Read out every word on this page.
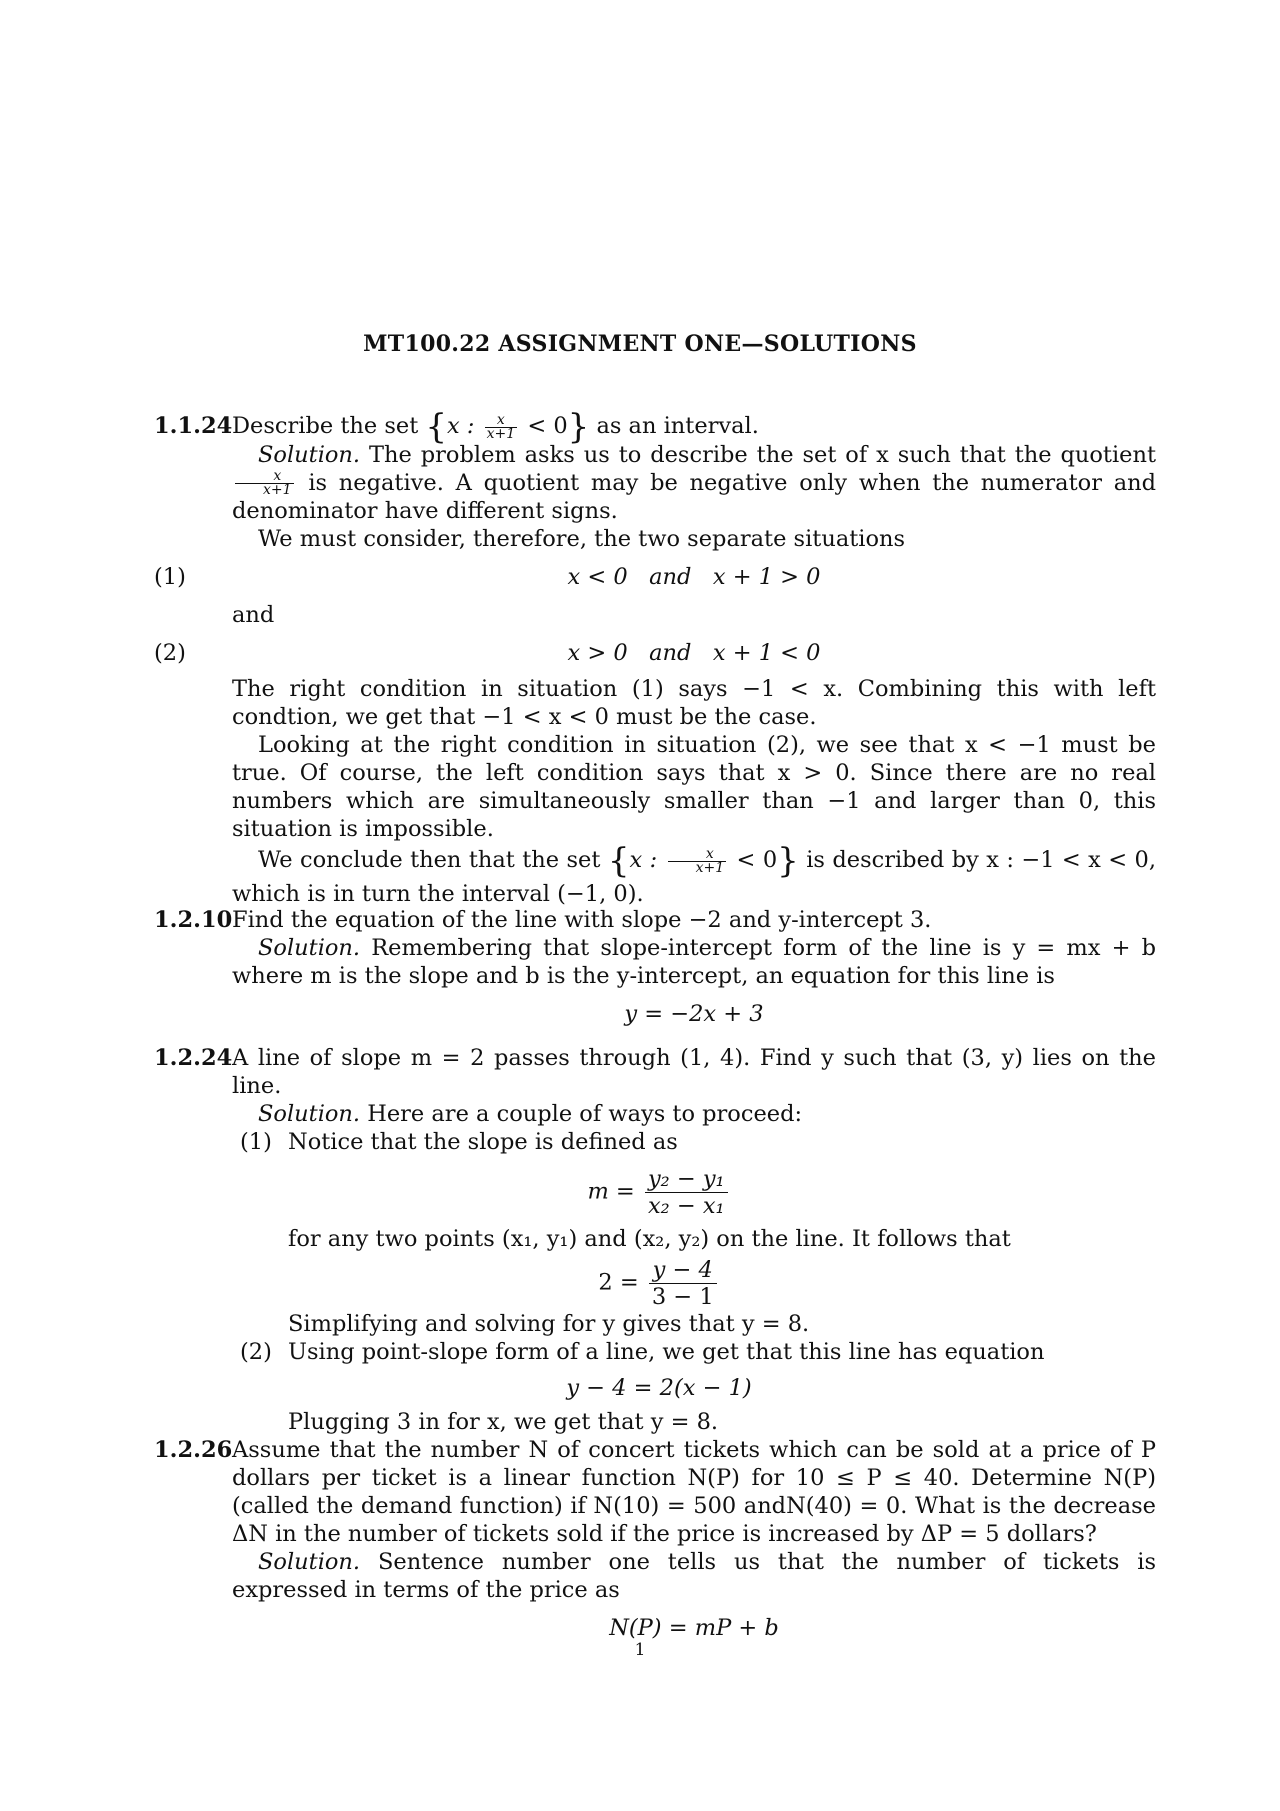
MT100.22 ASSIGNMENT ONE—SOLUTIONS
1.1.24 Describe the set {x : $\frac{x}{x+1} < 0$} as an interval.

Solution. The problem asks us to describe the set of x such that the quotient
$\frac{x}{x+1}$ is negative. A quotient may be negative only when the numerator and denominator have different signs.

We must consider, therefore, the two separate situations

(1)	x < 0   and   x + 1 > 0

and

(2)	x > 0   and   x + 1 < 0

The right condition in situation (1) says −1 < x. Combining this with left condtion, we get that −1 < x < 0 must be the case.

Looking at the right condition in situation (2), we see that x < −1 must be true. Of course, the left condition says that x > 0. Since there are no real numbers which are simultaneously smaller than −1 and larger than 0, this situation is impossible.

We conclude then that the set {x : $\frac{x}{x+1} < 0$} is described by x : −1 < x < 0, which is in turn the interval (−1, 0).

1.2.10 Find the equation of the line with slope −2 and y-intercept 3.

Solution. Remembering that slope-intercept form of the line is y = mx + b where m is the slope and b is the y-intercept, an equation for this line is

y = −2x + 3
1.2.24 A line of slope m = 2 passes through (1, 4). Find y such that (3, y) lies on the line.

Solution. Here are a couple of ways to proceed:

(1) Notice that the slope is defined as

$m = \frac{\text{y₂ − y₁}}{\text{x₂ − x₁}}$

for any two points (x₁, y₁) and (x₂, y₂) on the line. It follows that

$2 = \frac{y - 4}{3 - 1}$

Simplifying and solving for y gives that y = 8.

(2) Using point-slope form of a line, we get that this line has equation

y − 4 = 2(x − 1)

Plugging 3 in for x, we get that y = 8.

1.2.26 Assume that the number N of concert tickets which can be sold at a price of P dollars per ticket is a linear function N(P) for 10 ≤ P ≤ 40. Determine N(P) (called the demand function) if N(10) = 500 andN(40) = 0. What is the decrease ΔN in the number of tickets sold if the price is increased by ΔP = 5 dollars?

Solution. Sentence number one tells us that the number of tickets is expressed in terms of the price as

N(P) = mP + b
1
